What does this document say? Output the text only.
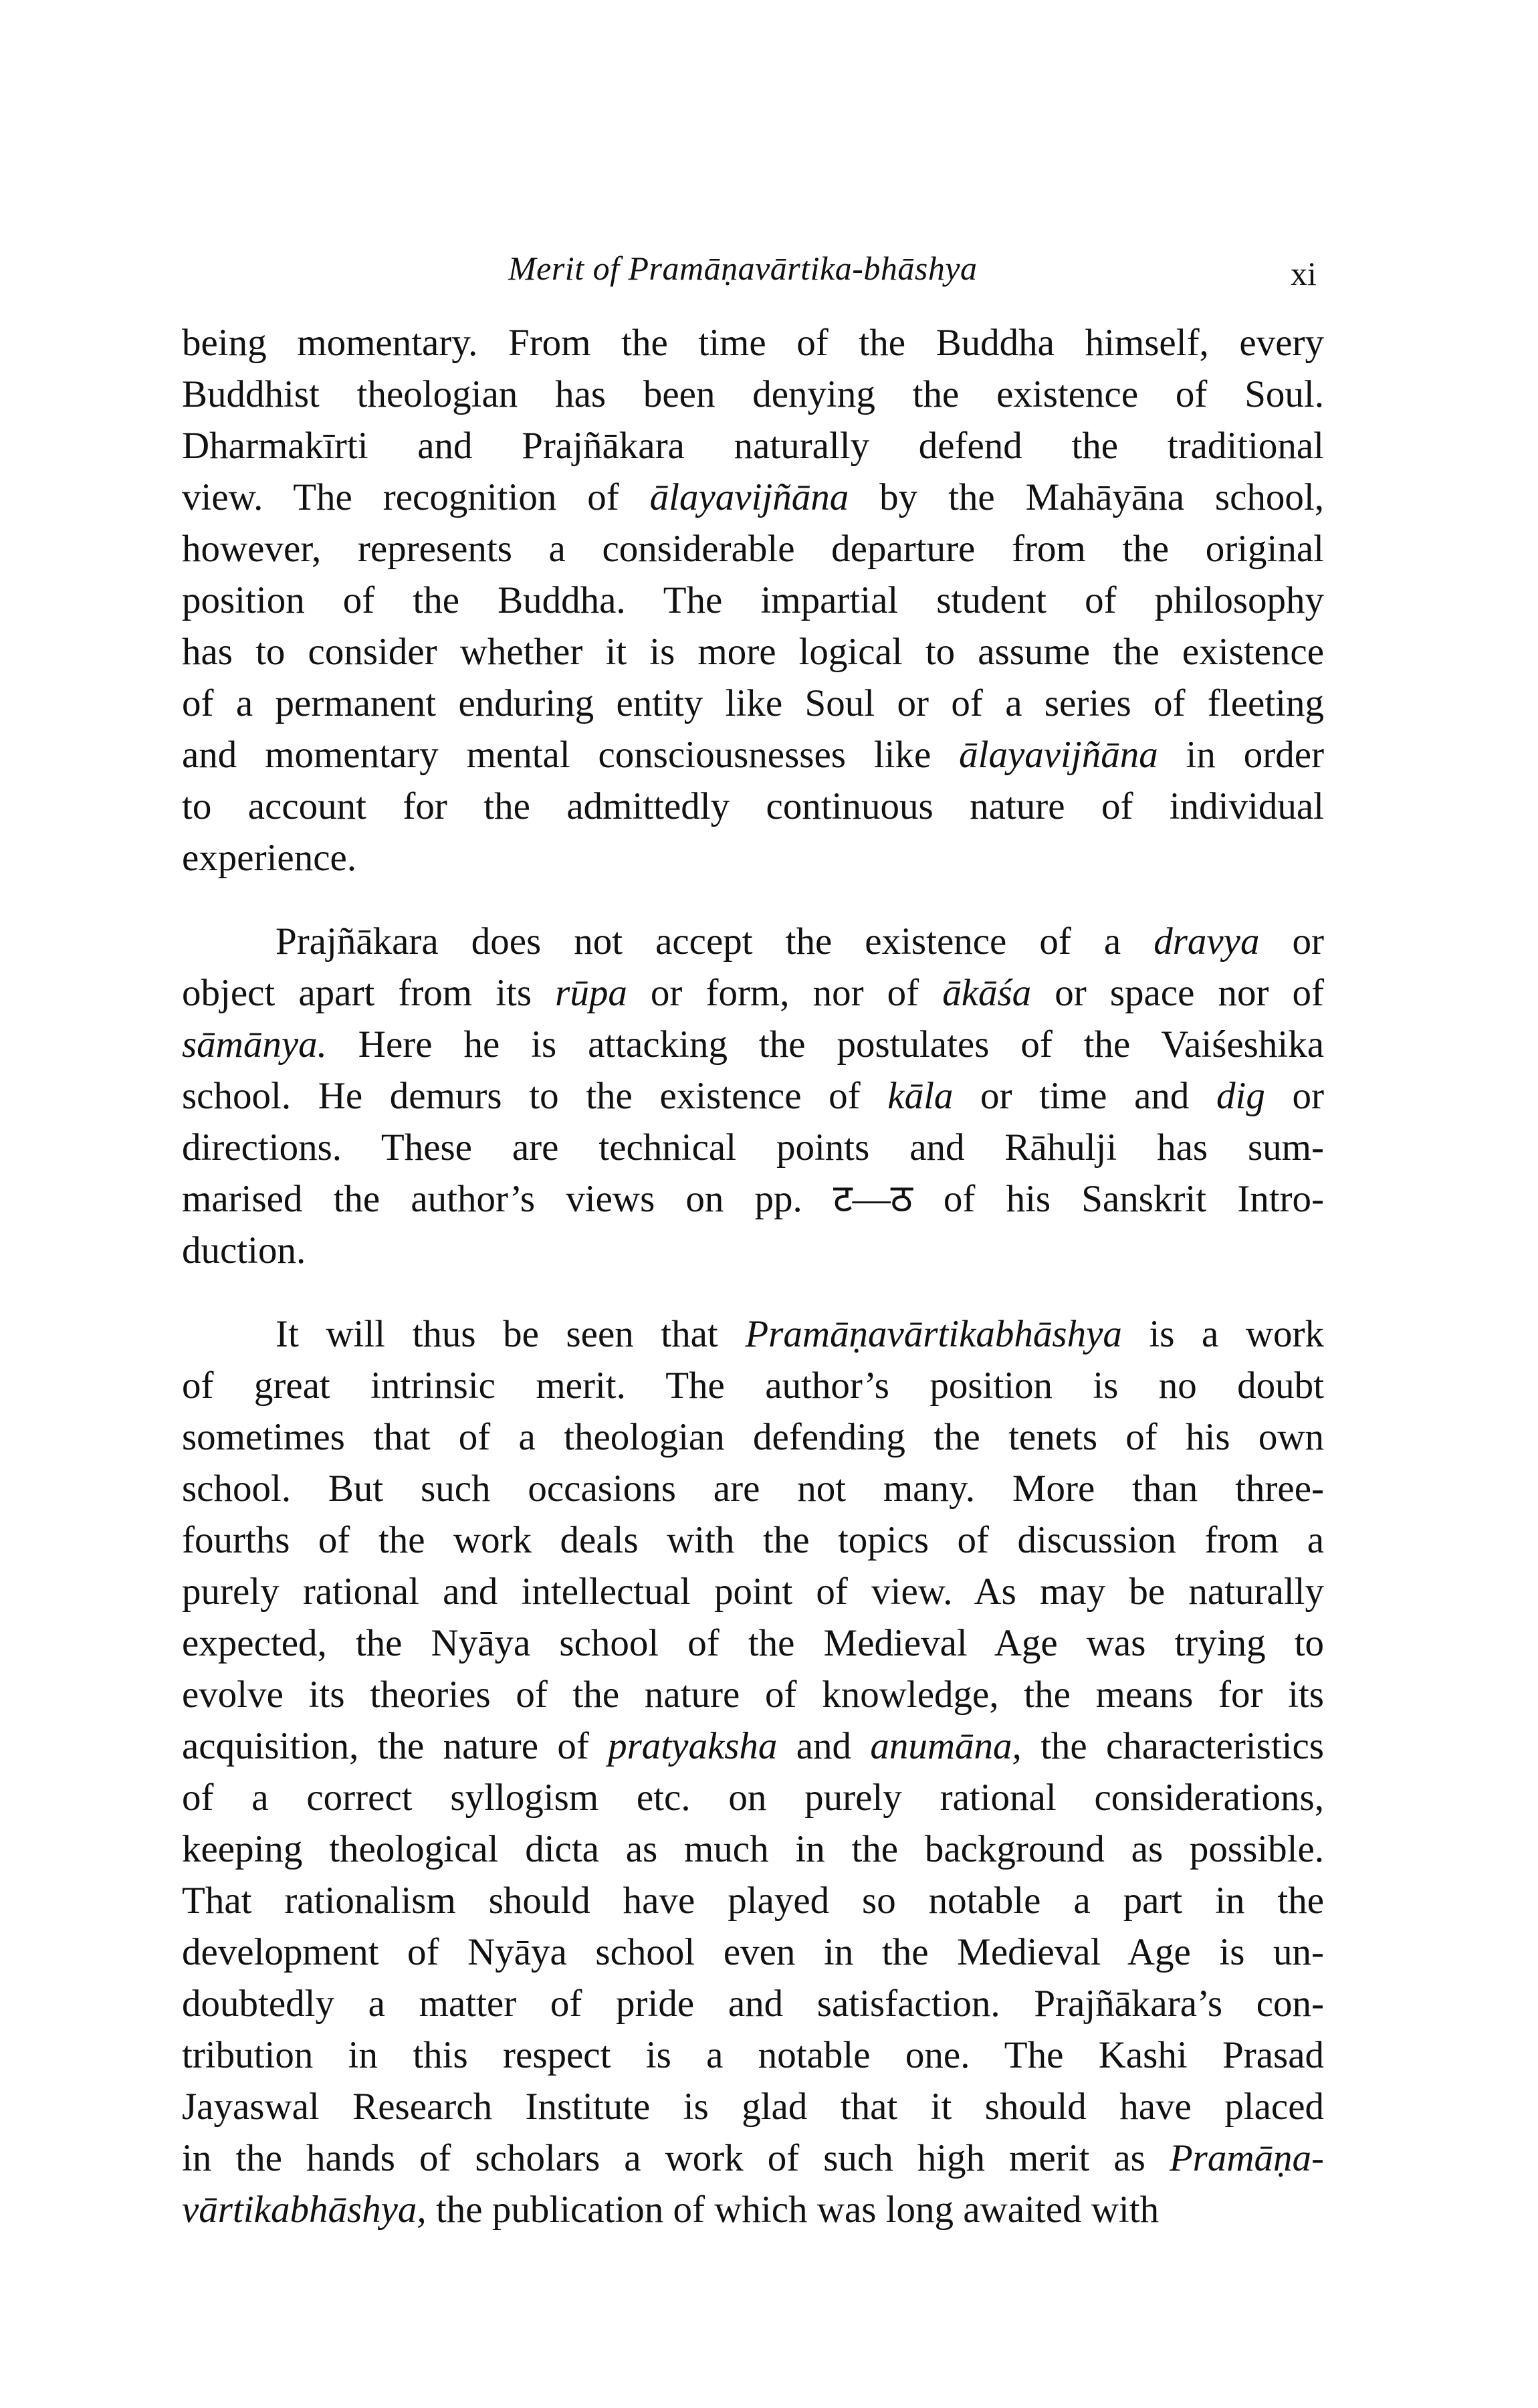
Merit of Pramāṇavārtika-bhāshya	xi
being momentary. From the time of the Buddha himself, every
Buddhist theologian has been denying the existence of Soul.
Dharmakīrti and Prajñākara naturally defend the traditional
view. The recognition of ālayavijñāna by the Mahāyāna school,
however, represents a considerable departure from the original
position of the Buddha. The impartial student of philosophy
has to consider whether it is more logical to assume the existence
of a permanent enduring entity like Soul or of a series of fleeting
and momentary mental consciousnesses like ālayavijñāna in order
to account for the admittedly continuous nature of individual
experience.
Prajñākara does not accept the existence of a dravya or
object apart from its rūpa or form, nor of ākāśa or space nor of
sāmānya. Here he is attacking the postulates of the Vaiśeshika
school. He demurs to the existence of kāla or time and dig or
directions. These are technical points and Rāhulji has sum-
marised the author’s views on pp. ट—ठ of his Sanskrit Intro-
duction.
It will thus be seen that Pramāṇavārtikabhāshya is a work
of great intrinsic merit. The author’s position is no doubt
sometimes that of a theologian defending the tenets of his own
school. But such occasions are not many. More than three-
fourths of the work deals with the topics of discussion from a
purely rational and intellectual point of view. As may be naturally
expected, the Nyāya school of the Medieval Age was trying to
evolve its theories of the nature of knowledge, the means for its
acquisition, the nature of pratyaksha and anumāna, the characteristics
of a correct syllogism etc. on purely rational considerations,
keeping theological dicta as much in the background as possible.
That rationalism should have played so notable a part in the
development of Nyāya school even in the Medieval Age is un-
doubtedly a matter of pride and satisfaction. Prajñākara’s con-
tribution in this respect is a notable one. The Kashi Prasad
Jayaswal Research Institute is glad that it should have placed
in the hands of scholars a work of such high merit as Pramāṇa-
vārtikabhāshya, the publication of which was long awaited with
